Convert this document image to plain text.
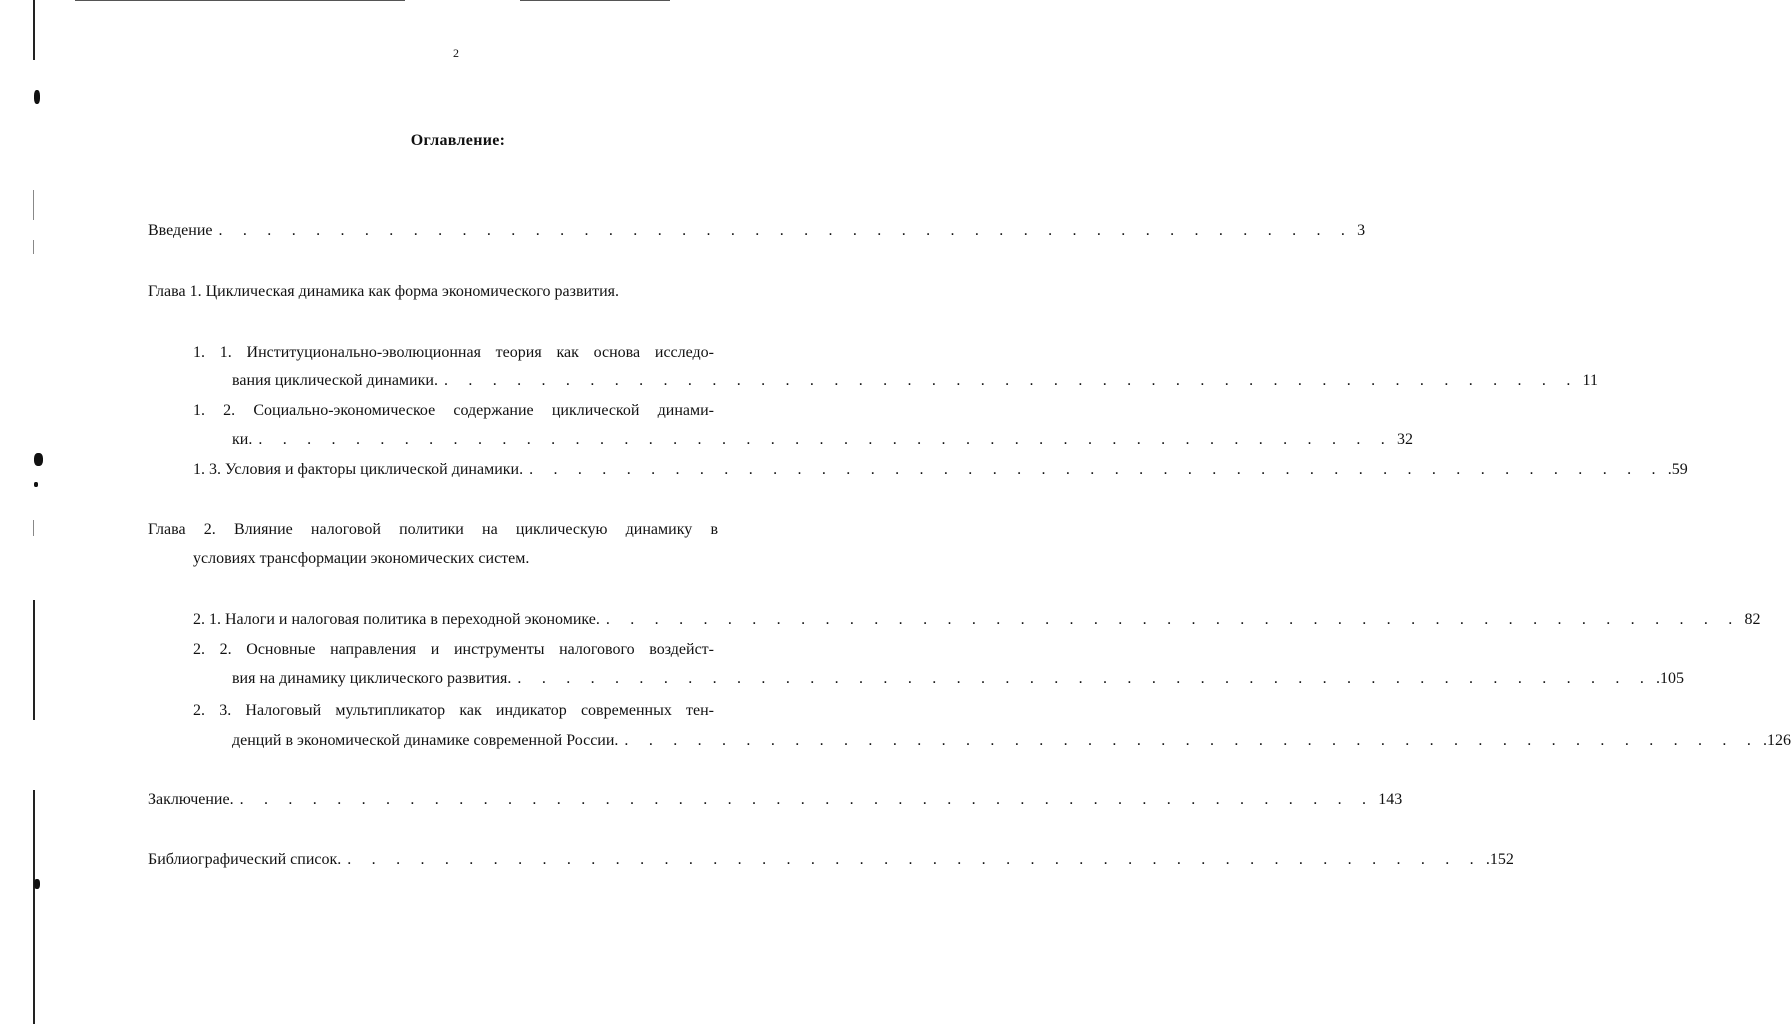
2
Оглавление:
Введение . . . . . . . . . . . . . . . . . . . . . . . . . . . . . . . . . . . . . . . . . . . . . . . 3
Глава 1. Циклическая динамика как форма экономического развития.
1. 1. Институционально-эволюционная теория как основа исследо-
вания циклической динамики. . . . . . . . . . . . . . . . . . . . . . . . . . . . . . . . . . . . . . . . . . . . . . . . 11
1. 2. Социально-экономическое содержание циклической динами-
ки. . . . . . . . . . . . . . . . . . . . . . . . . . . . . . . . . . . . . . . . . . . . . . . . 32
1. 3. Условия и факторы циклической динамики. . . . . . . . . . . . . . . . . . . . . . . . . . . . . . . . . . . . . . . . . . . . . . . . .59
Глава 2. Влияние налоговой политики на циклическую динамику в
условиях трансформации экономических систем.
2. 1. Налоги и налоговая политика в переходной экономике. . . . . . . . . . . . . . . . . . . . . . . . . . . . . . . . . . . . . . . . . . . . . . . . 82
2. 2. Основные направления и инструменты налогового воздейст-
вия на динамику циклического развития. . . . . . . . . . . . . . . . . . . . . . . . . . . . . . . . . . . . . . . . . . . . . . . . .105
2. 3. Налоговый мультипликатор как индикатор современных тен-
денций в экономической динамике современной России. . . . . . . . . . . . . . . . . . . . . . . . . . . . . . . . . . . . . . . . . . . . . . . . .126
Заключение. . . . . . . . . . . . . . . . . . . . . . . . . . . . . . . . . . . . . . . . . . . . . . . . 143
Библиографический список. . . . . . . . . . . . . . . . . . . . . . . . . . . . . . . . . . . . . . . . . . . . . . . . .152
